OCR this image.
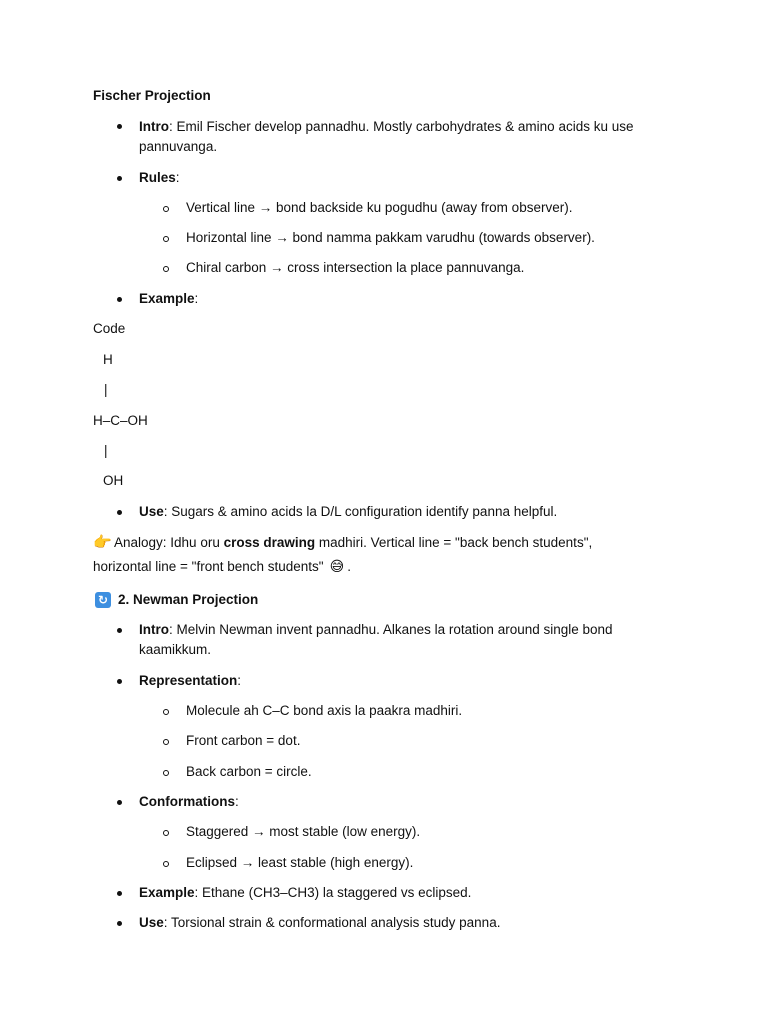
Fischer Projection
Intro: Emil Fischer develop pannadhu. Mostly carbohydrates & amino acids ku use
pannuvanga.
Rules:
Vertical line → bond backside ku pogudhu (away from observer).
Horizontal line → bond namma pakkam varudhu (towards observer).
Chiral carbon → cross intersection la place pannuvanga.
Example:
Code
H
|
H–C–OH
|
OH
Use: Sugars & amino acids la D/L configuration identify panna helpful.
👉 Analogy: Idhu oru cross drawing madhiri. Vertical line = "back bench students",
horizontal line = "front bench students" 😅 .
↻ 2. Newman Projection
Intro: Melvin Newman invent pannadhu. Alkanes la rotation around single bond
kaamikkum.
Representation:
Molecule ah C–C bond axis la paakra madhiri.
Front carbon = dot.
Back carbon = circle.
Conformations:
Staggered → most stable (low energy).
Eclipsed → least stable (high energy).
Example: Ethane (CH3–CH3) la staggered vs eclipsed.
Use: Torsional strain & conformational analysis study panna.
